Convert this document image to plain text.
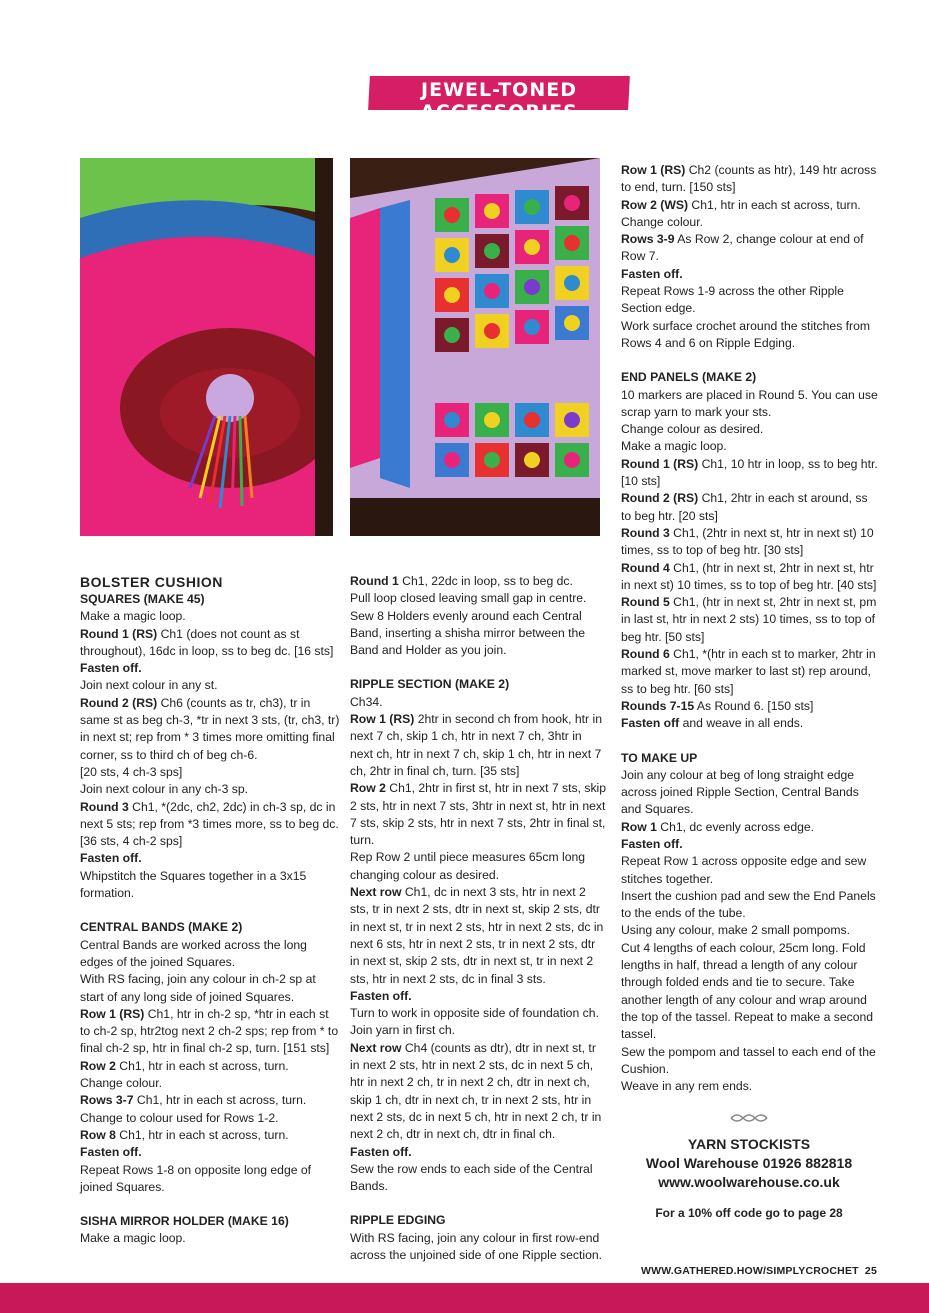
JEWEL-TONED ACCESSORIES

BOLSTER CUSHION

SQUARES (MAKE 45)

Make a magic loop.

Round 1 (RS) Ch1 (does not count as st throughout), 16dc in loop, ss to beg dc. [16 sts]

Fasten off.

Join next colour in any st.

Round 2 (RS) Ch6 (counts as tr, ch3), tr in same st as beg ch-3, *tr in next 3 sts, (tr, ch3, tr) in next st; rep from * 3 times more omitting final corner, ss to third ch of beg ch-6.

[20 sts, 4 ch-3 sps]

Join next colour in any ch-3 sp.

Round 3 Ch1, *(2dc, ch2, 2dc) in ch-3 sp, dc in next 5 sts; rep from *3 times more, ss to beg dc. [36 sts, 4 ch-2 sps]

Fasten off.

Whipstitch the Squares together in a 3x15 formation.

CENTRAL BANDS (MAKE 2)

Central Bands are worked across the long edges of the joined Squares.

With RS facing, join any colour in ch-2 sp at start of any long side of joined Squares.

Row 1 (RS) Ch1, htr in ch-2 sp, *htr in each st to ch-2 sp, htr2tog next 2 ch-2 sps; rep from * to final ch-2 sp, htr in final ch-2 sp, turn. [151 sts]

Row 2 Ch1, htr in each st across, turn.

Change colour.

Rows 3-7 Ch1, htr in each st across, turn.

Change to colour used for Rows 1-2.

Row 8 Ch1, htr in each st across, turn.

Fasten off.

Repeat Rows 1-8 on opposite long edge of joined Squares.

SISHA MIRROR HOLDER (MAKE 16)

Make a magic loop.

Round 1 Ch1, 22dc in loop, ss to beg dc.

Pull loop closed leaving small gap in centre.

Sew 8 Holders evenly around each Central Band, inserting a shisha mirror between the Band and Holder as you join.

RIPPLE SECTION (MAKE 2)

Ch34.

Row 1 (RS) 2htr in second ch from hook, htr in next 7 ch, skip 1 ch, htr in next 7 ch, 3htr in next ch, htr in next 7 ch, skip 1 ch, htr in next 7 ch, 2htr in final ch, turn. [35 sts]

Row 2 Ch1, 2htr in first st, htr in next 7 sts, skip 2 sts, htr in next 7 sts, 3htr in next st, htr in next 7 sts, skip 2 sts, htr in next 7 sts, 2htr in final st, turn.

Rep Row 2 until piece measures 65cm long changing colour as desired.

Next row Ch1, dc in next 3 sts, htr in next 2 sts, tr in next 2 sts, dtr in next st, skip 2 sts, dtr in next st, tr in next 2 sts, htr in next 2 sts, dc in next 6 sts, htr in next 2 sts, tr in next 2 sts, dtr in next st, skip 2 sts, dtr in next st, tr in next 2 sts, htr in next 2 sts, dc in final 3 sts.

Fasten off.

Turn to work in opposite side of foundation ch. Join yarn in first ch.

Next row Ch4 (counts as dtr), dtr in next st, tr in next 2 sts, htr in next 2 sts, dc in next 5 ch, htr in next 2 ch, tr in next 2 ch, dtr in next ch, skip 1 ch, dtr in next ch, tr in next 2 sts, htr in next 2 sts, dc in next 5 ch, htr in next 2 ch, tr in next 2 ch, dtr in next ch, dtr in final ch.

Fasten off.

Sew the row ends to each side of the Central Bands.

RIPPLE EDGING

With RS facing, join any colour in first row-end across the unjoined side of one Ripple section.

Row 1 (RS) Ch2 (counts as htr), 149 htr across to end, turn. [150 sts]

Row 2 (WS) Ch1, htr in each st across, turn.

Change colour.

Rows 3-9 As Row 2, change colour at end of Row 7.

Fasten off.

Repeat Rows 1-9 across the other Ripple Section edge.

Work surface crochet around the stitches from Rows 4 and 6 on Ripple Edging.

END PANELS (MAKE 2)

10 markers are placed in Round 5. You can use scrap yarn to mark your sts.

Change colour as desired.

Make a magic loop.

Round 1 (RS) Ch1, 10 htr in loop, ss to beg htr. [10 sts]

Round 2 (RS) Ch1, 2htr in each st around, ss to beg htr. [20 sts]

Round 3 Ch1, (2htr in next st, htr in next st) 10 times, ss to top of beg htr. [30 sts]

Round 4 Ch1, (htr in next st, 2htr in next st, htr in next st) 10 times, ss to top of beg htr. [40 sts]

Round 5 Ch1, (htr in next st, 2htr in next st, pm in last st, htr in next 2 sts) 10 times, ss to top of beg htr. [50 sts]

Round 6 Ch1, *(htr in each st to marker, 2htr in marked st, move marker to last st) rep around, ss to beg htr. [60 sts]

Rounds 7-15 As Round 6. [150 sts]

Fasten off and weave in all ends.

TO MAKE UP

Join any colour at beg of long straight edge across joined Ripple Section, Central Bands and Squares.

Row 1 Ch1, dc evenly across edge.

Fasten off.

Repeat Row 1 across opposite edge and sew stitches together.

Insert the cushion pad and sew the End Panels to the ends of the tube.

Using any colour, make 2 small pompoms.

Cut 4 lengths of each colour, 25cm long. Fold lengths in half, thread a length of any colour through folded ends and tie to secure. Take another length of any colour and wrap around the top of the tassel. Repeat to make a second tassel.

Sew the pompom and tassel to each end of the Cushion.

Weave in any rem ends.

YARN STOCKISTS
Wool Warehouse 01926 882818
www.woolwarehouse.co.uk
For a 10% off code go to page 28
WWW.GATHERED.HOW/SIMPLYCROCHET 25
